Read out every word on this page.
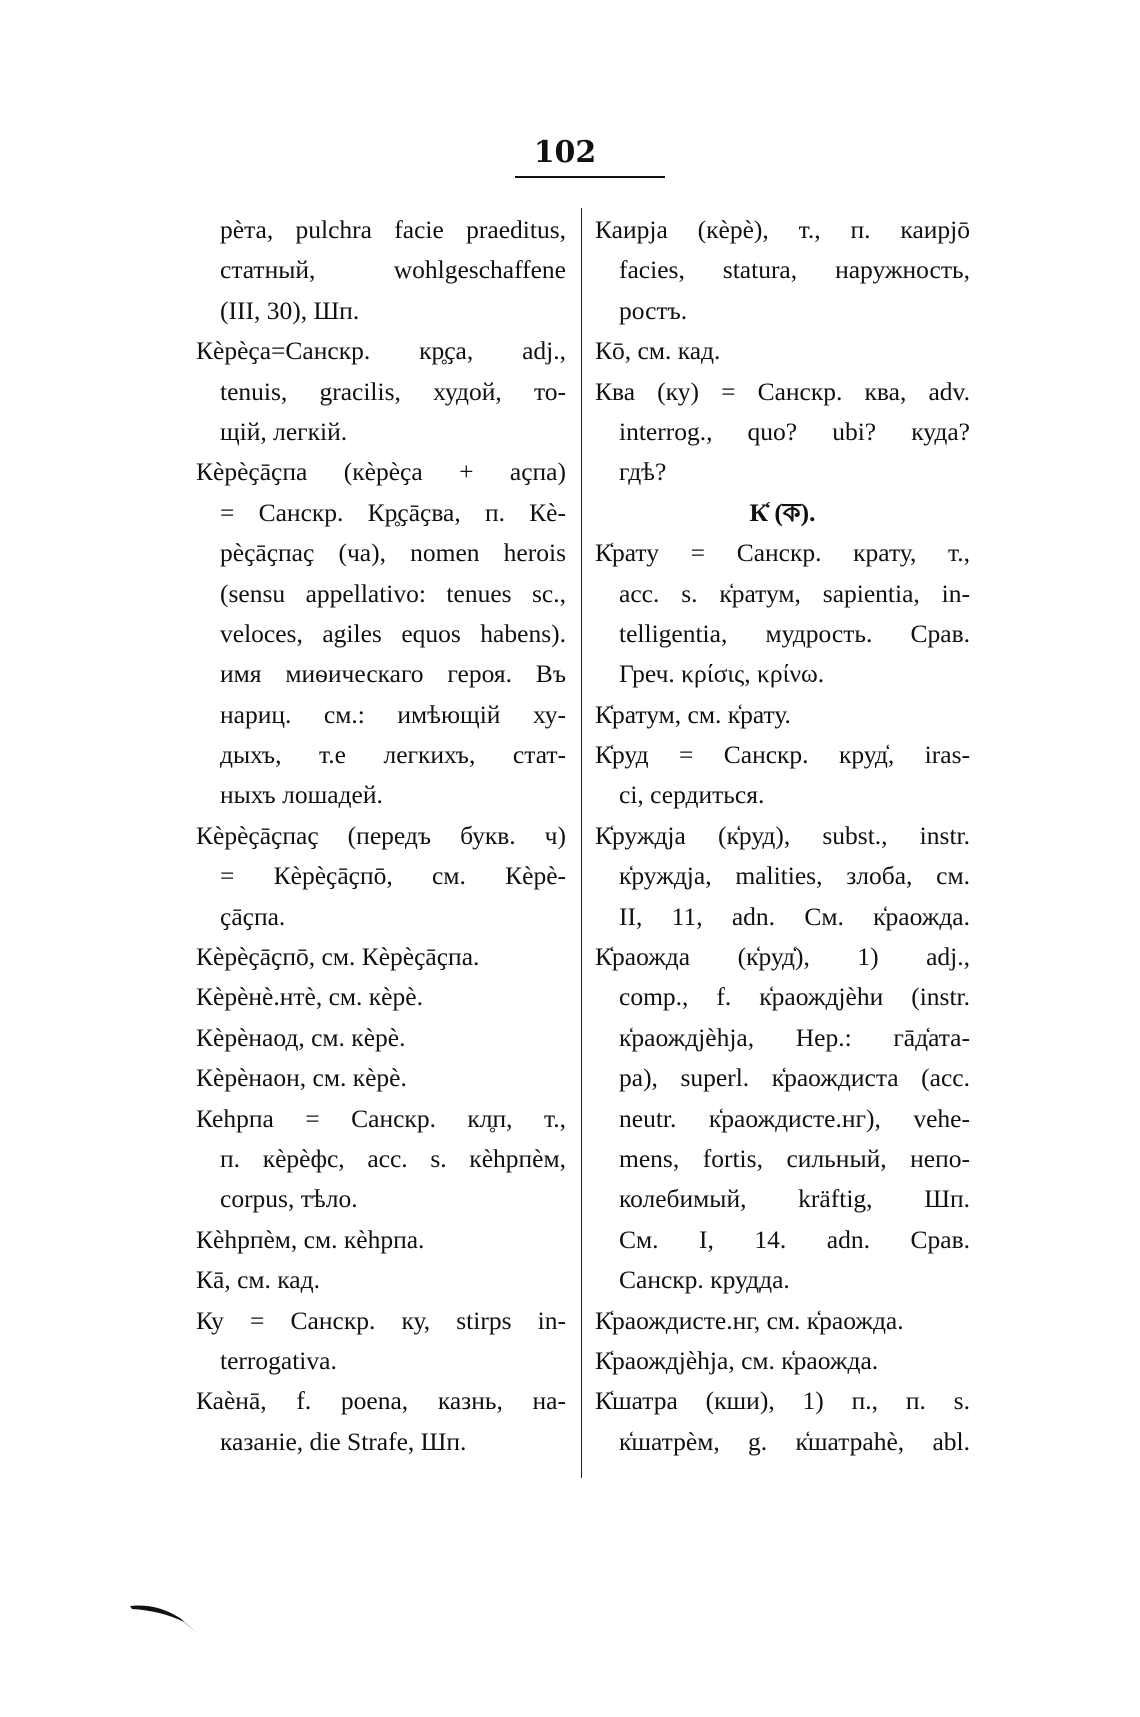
102
рѐта, pulchra facie praeditus,
статный, wohlgeschaffene
(III, 30), Шп.
Кѐрѐҫа=Санскр. кр̥ҫа, adj.,
tenuis, gracilis, худой, то-
щій, легкій.
Кѐрѐҫāҫпа (кѐрѐҫа + аҫпа)
= Санскр. Кр̥ҫāҫва, п. Кѐ-
рѐҫāҫпаҫ (ча), nomen herois
(sensu appellativo: tenues sc.,
veloces, agiles equos habens).
имя миѳическаго героя. Въ
нариц. см.: имѣющій ху-
дыхъ, т.е легкихъ, стат-
ныхъ лошадей.
Кѐрѐҫāҫпаҫ (передъ букв. ч)
= Кѐрѐҫāҫпō, см. Кѐрѐ-
ҫāҫпа.
Кѐрѐҫāҫпō, см. Кѐрѐҫāҫпа.
Кѐрѐнѐ.нтѐ, см. кѐрѐ.
Кѐрѐнаод, см. кѐрѐ.
Кѐрѐнаон, см. кѐрѐ.
Кеһрпа = Санскр. кл̥п, т.,
п. кѐрѐфс, acc. s. кѐһрпѐм,
corpus, тѣло.
Кѐһрпѐм, см. кѐһрпа.
Кā, см. кад.
Ку = Санскр. ку, stirps in-
terrogativa.
Каѐнā, f. poena, казнь, на-
казаніе, die Strafe, Шп.
Каирја (кѐрѐ), т., п. каирјō
facies, statura, наружность,
ростъ.
Кō, см. кад.
Ква (ку) = Санскр. ква, adv.
interrog., quo? ubi? куда?
гдѣ?
К̒ (ক).
К̒рату = Санскр. крату, т.,
acc. s. к̒ратум, sapientia, in-
telligentia, мудрость. Срав.
Греч. κρίσις, κρίνω.
К̒ратум, см. к̒рату.
К̒руд = Санскр. круд̒, iras-
ci, сердиться.
К̒руждја (к̒руд), subst., instr.
к̒руждја, malities, злоба, см.
II, 11, adn. См. к̒раожда.
К̒раожда (к̒руд̒), 1) adj.,
comp., f. к̒раождјѐһи (instr.
к̒раождјѐһја, Нер.: гāд̒ата-
ра), superl. к̒раождиста (acc.
neutr. к̒раождисте.нг), vehe-
mens, fortis, сильный, непо-
колебимый, kräftig, Шп.
См. I, 14. adn. Срав.
Санскр. крудда.
К̒раождисте.нг, см. к̒раожда.
К̒раождјѐһја, см. к̒раожда.
К̒шатра (кши), 1) п., п. s.
к̒шатрѐм, g. к̒шатраһѐ, abl.
